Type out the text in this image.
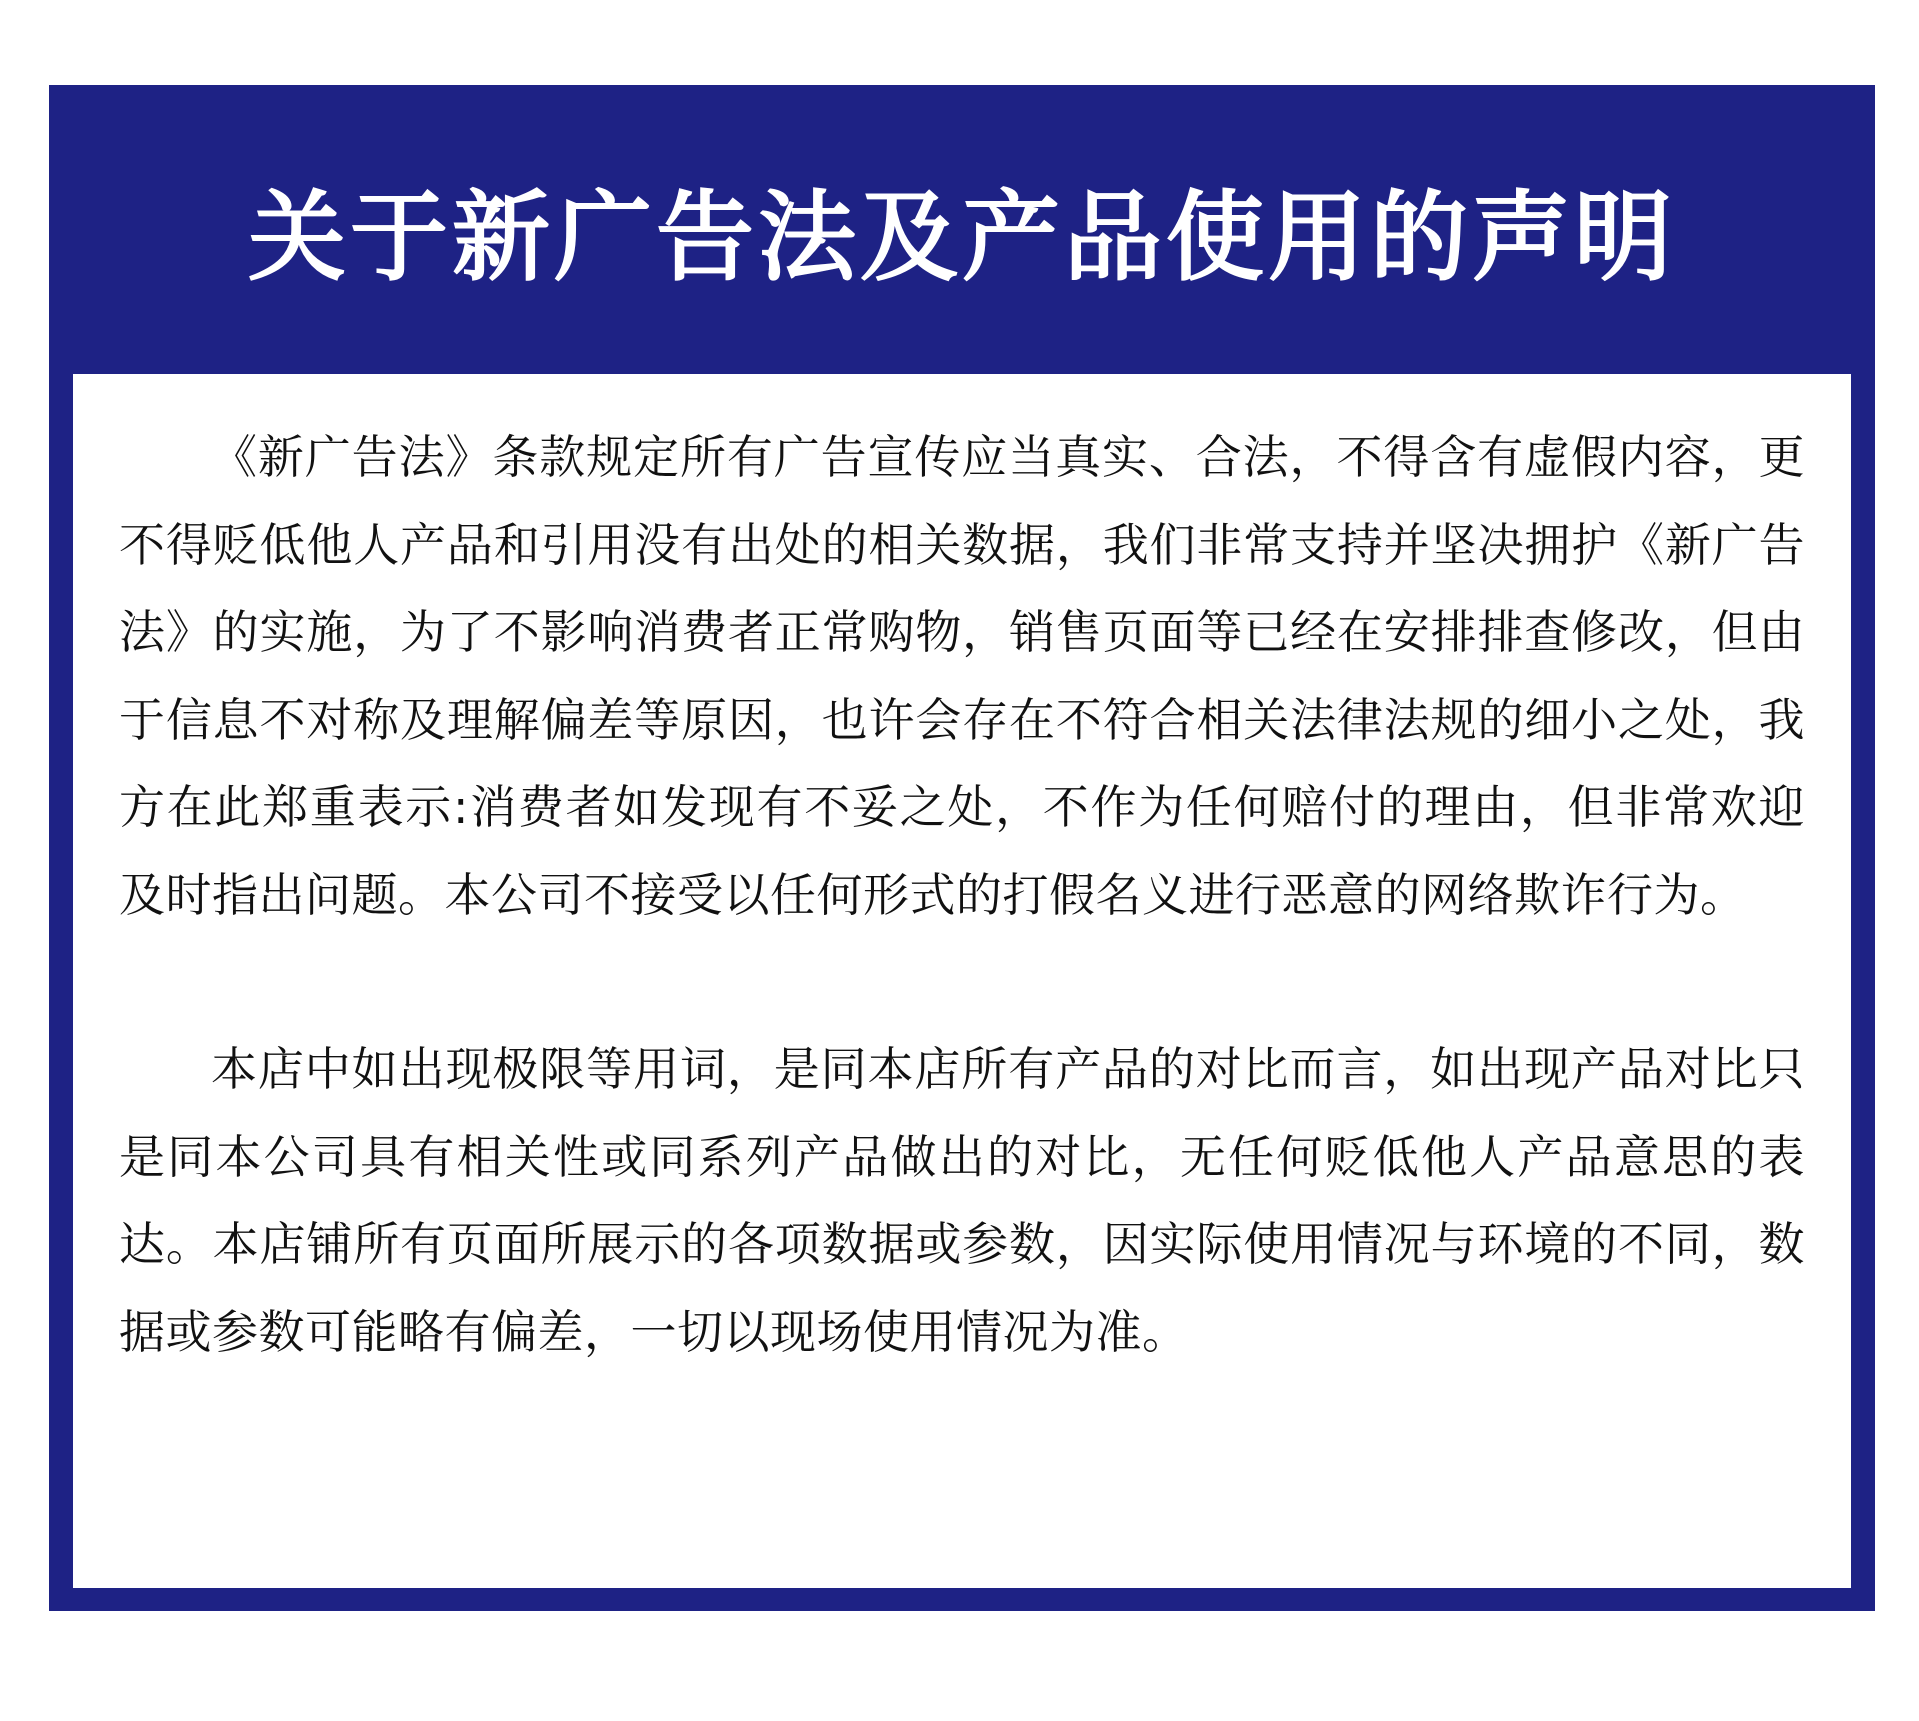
关于新广告法及产品使用的声明

《新广告法》条款规定所有广告宣传应当真实、合法，不得含有虚假内容，更不得贬低他人产品和引用没有出处的相关数据，我们非常支持并坚决拥护《新广告法》的实施，为了不影响消费者正常购物，销售页面等已经在安排排查修改，但由于信息不对称及理解偏差等原因，也许会存在不符合相关法律法规的细小之处，我方在此郑重表示:消费者如发现有不妥之处，不作为任何赔付的理由，但非常欢迎及时指出问题。本公司不接受以任何形式的打假名义进行恶意的网络欺诈行为。

本店中如出现极限等用词，是同本店所有产品的对比而言，如出现产品对比只是同本公司具有相关性或同系列产品做出的对比，无任何贬低他人产品意思的表达。本店铺所有页面所展示的各项数据或参数，因实际使用情况与环境的不同，数据或参数可能略有偏差，一切以现场使用情况为准。
